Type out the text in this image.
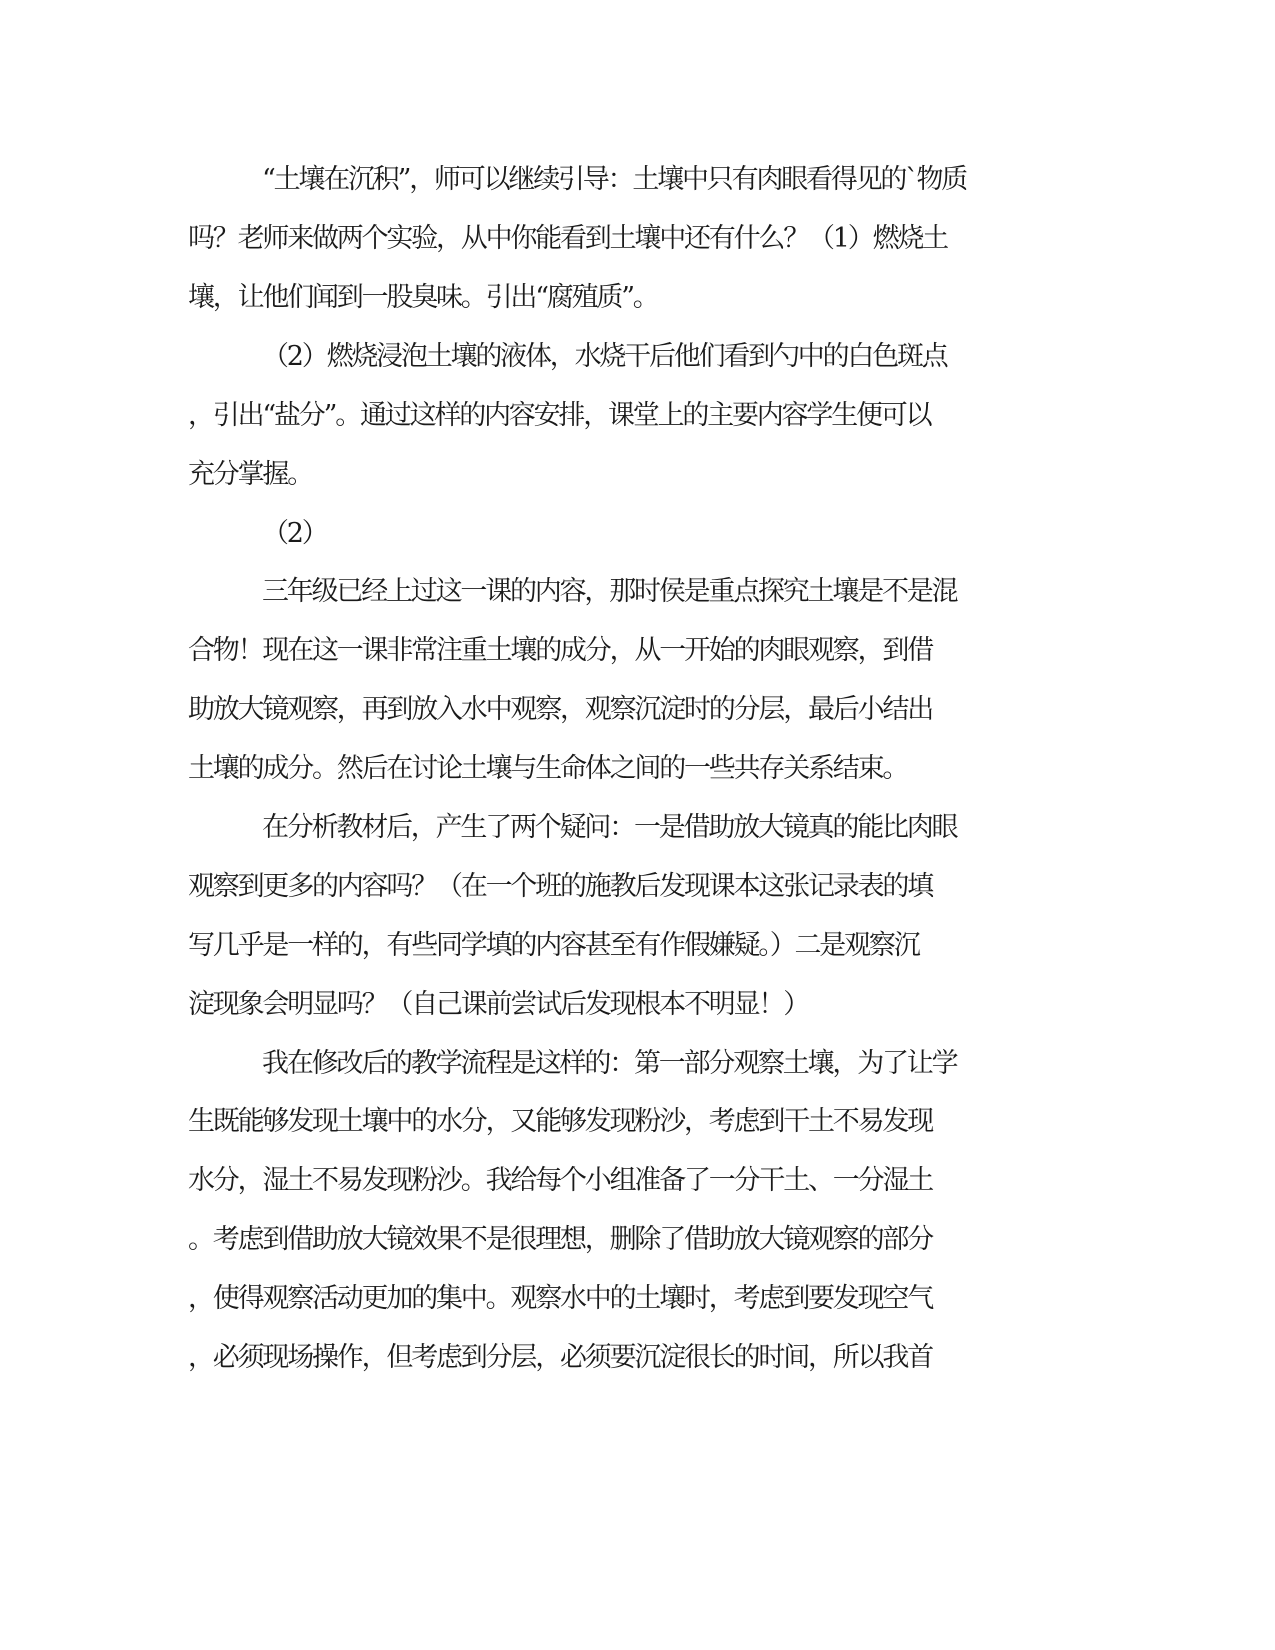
“土壤在沉积”，师可以继续引导：土壤中只有肉眼看得见的`物质
吗？老师来做两个实验，从中你能看到土壤中还有什么？（1）燃烧土
壤，让他们闻到一股臭味。引出“腐殖质”。
（2）燃烧浸泡土壤的液体，水烧干后他们看到勺中的白色斑点
，引出“盐分”。通过这样的内容安排，课堂上的主要内容学生便可以
充分掌握。
（2）
三年级已经上过这一课的内容，那时侯是重点探究土壤是不是混
合物！现在这一课非常注重土壤的成分，从一开始的肉眼观察，到借
助放大镜观察，再到放入水中观察，观察沉淀时的分层，最后小结出
土壤的成分。然后在讨论土壤与生命体之间的一些共存关系结束。
在分析教材后，产生了两个疑问：一是借助放大镜真的能比肉眼
观察到更多的内容吗？（在一个班的施教后发现课本这张记录表的填
写几乎是一样的，有些同学填的内容甚至有作假嫌疑。）二是观察沉
淀现象会明显吗？（自己课前尝试后发现根本不明显！）
我在修改后的教学流程是这样的：第一部分观察土壤，为了让学
生既能够发现土壤中的水分，又能够发现粉沙，考虑到干土不易发现
水分，湿土不易发现粉沙。我给每个小组准备了一分干土、一分湿土
。考虑到借助放大镜效果不是很理想，删除了借助放大镜观察的部分
，使得观察活动更加的集中。观察水中的土壤时，考虑到要发现空气
，必须现场操作，但考虑到分层，必须要沉淀很长的时间，所以我首
